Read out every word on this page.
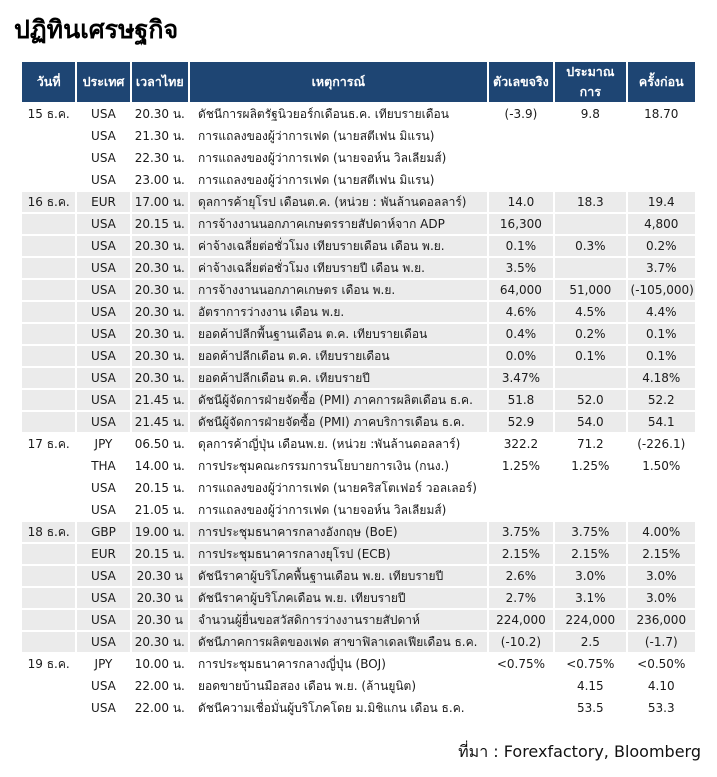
ปฏิทินเศรษฐกิจ
วันที่	ประเทศ	เวลาไทย	เหตุการณ์	ตัวเลขจริง	ประมาณการ	ครั้งก่อน
15 ธ.ค.	USA	20.30 น.	ดัชนีการผลิตรัฐนิวยอร์กเดือนธ.ค. เทียบรายเดือน	(-3.9)	9.8	18.70
	USA	21.30 น.	การแถลงของผู้ว่าการเฟด (นายสตีเฟน มิแรน)			
	USA	22.30 น.	การแถลงของผู้ว่าการเฟด (นายจอห์น วิลเลียมส์)			
	USA	23.00 น.	การแถลงของผู้ว่าการเฟด (นายสตีเฟน มิแรน)			
16 ธ.ค.	EUR	17.00 น.	ดุลการค้ายุโรป เดือนต.ค. (หน่วย : พันล้านดอลลาร์)	14.0	18.3	19.4
	USA	20.15 น.	การจ้างงานนอกภาคเกษตรรายสัปดาห์จาก ADP	16,300		4,800
	USA	20.30 น.	ค่าจ้างเฉลี่ยต่อชั่วโมง เทียบรายเดือน เดือน พ.ย.	0.1%	0.3%	0.2%
	USA	20.30 น.	ค่าจ้างเฉลี่ยต่อชั่วโมง เทียบรายปี เดือน พ.ย.	3.5%		3.7%
	USA	20.30 น.	การจ้างงานนอกภาคเกษตร เดือน พ.ย.	64,000	51,000	(-105,000)
	USA	20.30 น.	อัตราการว่างงาน เดือน พ.ย.	4.6%	4.5%	4.4%
	USA	20.30 น.	ยอดค้าปลีกพื้นฐานเดือน ต.ค. เทียบรายเดือน	0.4%	0.2%	0.1%
	USA	20.30 น.	ยอดค้าปลีกเดือน ต.ค. เทียบรายเดือน	0.0%	0.1%	0.1%
	USA	20.30 น.	ยอดค้าปลีกเดือน ต.ค. เทียบรายปี	3.47%		4.18%
	USA	21.45 น.	ดัชนีผู้จัดการฝ่ายจัดซื้อ (PMI) ภาคการผลิตเดือน ธ.ค.	51.8	52.0	52.2
	USA	21.45 น.	ดัชนีผู้จัดการฝ่ายจัดซื้อ (PMI) ภาคบริการเดือน ธ.ค.	52.9	54.0	54.1
17 ธ.ค.	JPY	06.50 น.	ดุลการค้าญี่ปุ่น เดือนพ.ย. (หน่วย :พันล้านดอลลาร์)	322.2	71.2	(-226.1)
	THA	14.00 น.	การประชุมคณะกรรมการนโยบายการเงิน (กนง.)	1.25%	1.25%	1.50%
	USA	20.15 น.	การแถลงของผู้ว่าการเฟด (นายคริสโตเฟอร์ วอลเลอร์)			
	USA	21.05 น.	การแถลงของผู้ว่าการเฟด (นายจอห์น วิลเลียมส์)			
18 ธ.ค.	GBP	19.00 น.	การประชุมธนาคารกลางอังกฤษ (BoE)	3.75%	3.75%	4.00%
	EUR	20.15 น.	การประชุมธนาคารกลางยุโรป (ECB)	2.15%	2.15%	2.15%
	USA	20.30 น	ดัชนีราคาผู้บริโภคพื้นฐานเดือน พ.ย. เทียบรายปี	2.6%	3.0%	3.0%
	USA	20.30 น	ดัชนีราคาผู้บริโภคเดือน พ.ย. เทียบรายปี	2.7%	3.1%	3.0%
	USA	20.30 น	จำนวนผู้ยื่นขอสวัสดิการว่างงานรายสัปดาห์	224,000	224,000	236,000
	USA	20.30 น.	ดัชนีภาคการผลิตของเฟด สาขาฟิลาเดลเฟียเดือน ธ.ค.	(-10.2)	2.5	(-1.7)
19 ธ.ค.	JPY	10.00 น.	การประชุมธนาคารกลางญี่ปุ่น (BOJ)	<0.75%	<0.75%	<0.50%
	USA	22.00 น.	ยอดขายบ้านมือสอง เดือน พ.ย. (ล้านยูนิต)		4.15	4.10
	USA	22.00 น.	ดัชนีความเชื่อมั่นผู้บริโภคโดย ม.มิชิแกน เดือน ธ.ค.		53.5	53.3
ที่มา : Forexfactory, Bloomberg
